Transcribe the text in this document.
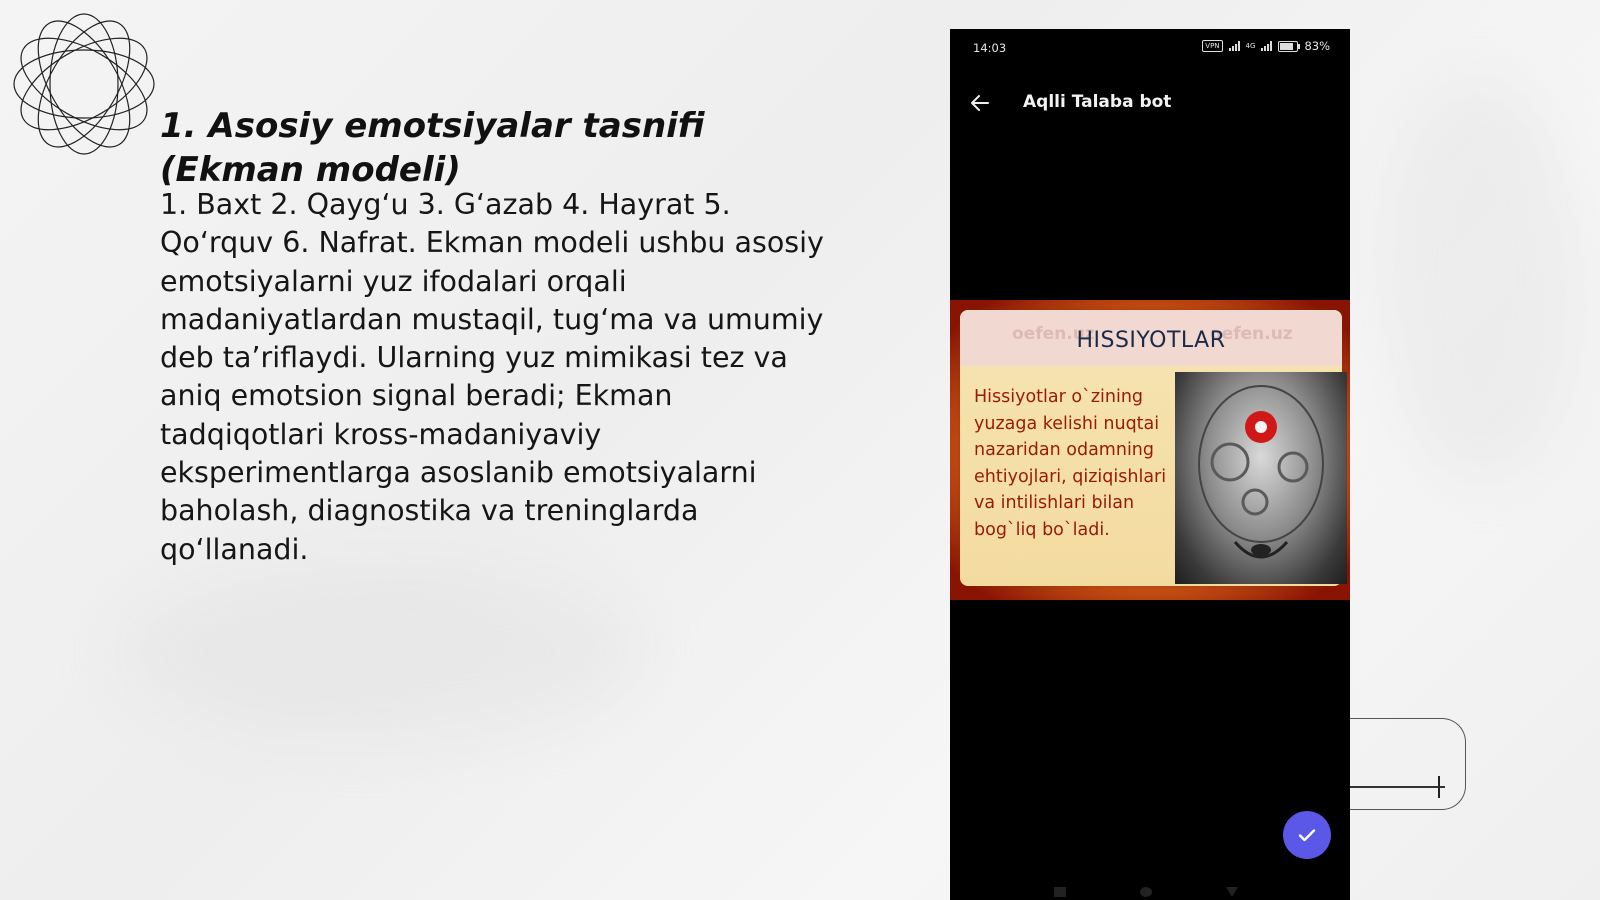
1. Asosiy emotsiyalar tasnifi (Ekman modeli)
1. Baxt 2. Qayg‘u 3. G‘azab 4. Hayrat 5. Qo‘rquv 6. Nafrat. Ekman modeli ushbu asosiy emotsiyalarni yuz ifodalari orqali madaniyatlardan mustaqil, tug‘ma va umumiy deb ta’riflaydi. Ularning yuz mimikasi tez va aniq emotsion signal beradi; Ekman tadqiqotlari kross-madaniyaviy eksperimentlarga asoslanib emotsiyalarni baholash, diagnostika va treninglarda qo‘llanadi.
14:03	VPN	4G	83%
Aqlli Talaba bot
oefen.uz	oefen.uz
HISSIYOTLAR
Hissiyotlar o`zining yuzaga kelishi nuqtai nazaridan odamning ehtiyojlari, qiziqishlari va intilishlari bilan bog`liq bo`ladi.
